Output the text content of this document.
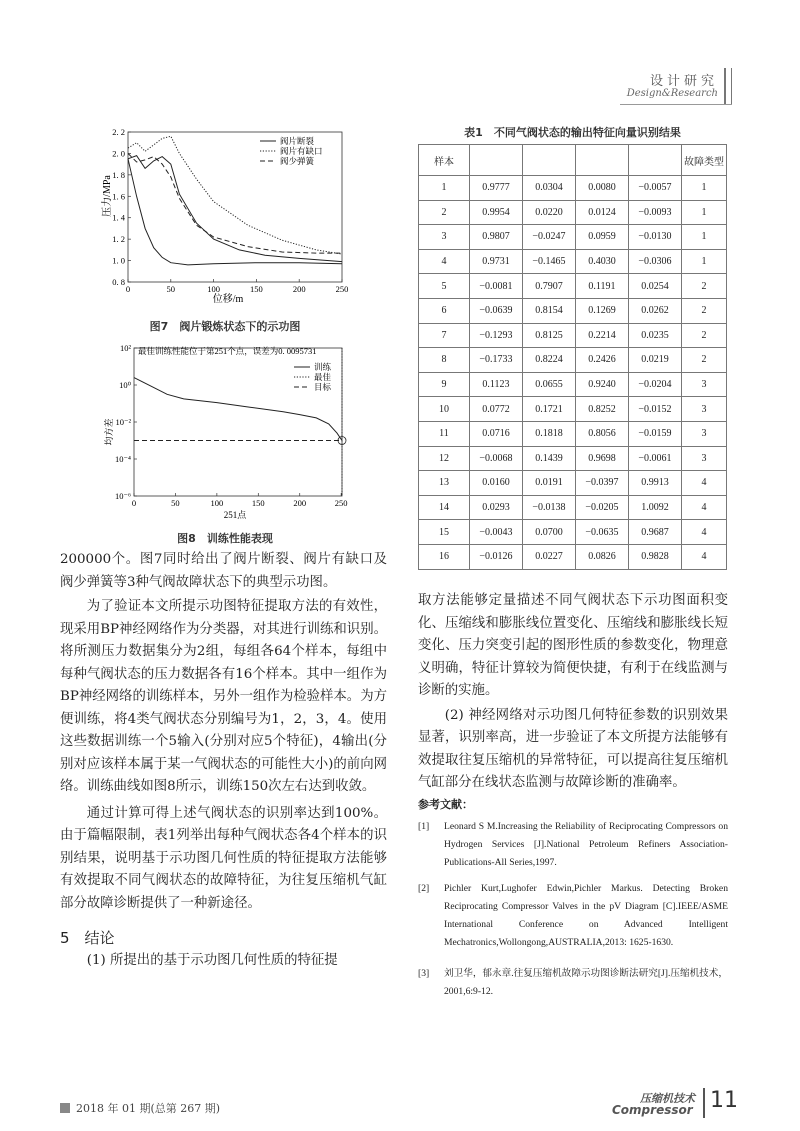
设计研究
Design&Research
2. 2
2. 0
1. 8
1. 6
1. 4
1. 2
1. 0
0. 8
0	50	100	150	200	250
阀片断裂
阀片有缺口
阀少弹簧
压力/MPa
位移/m
图7　阀片锻炼状态下的示功图
10²
10⁰
10⁻²
10⁻⁴
10⁻⁶
0	50	100	150	200	250
训练
最佳
目标
最佳训练性能位于第251个点，误差为0. 0095731
均方差
251点
图8　训练性能表现
200000个。图7同时给出了阀片断裂、阀片有缺口及阀少弹簧等3种气阀故障状态下的典型示功图。
为了验证本文所提示功图特征提取方法的有效性，现采用BP神经网络作为分类器，对其进行训练和识别。将所测压力数据集分为2组，每组各64个样本，每组中每种气阀状态的压力数据各有16个样本。其中一组作为BP神经网络的训练样本，另外一组作为检验样本。为方便训练，将4类气阀状态分别编号为1，2，3，4。使用这些数据训练一个5输入(分别对应5个特征)，4输出(分别对应该样本属于某一气阀状态的可能性大小)的前向网络。训练曲线如图8所示，训练150次左右达到收敛。
通过计算可得上述气阀状态的识别率达到100%。由于篇幅限制，表1列举出每种气阀状态各4个样本的识别结果，说明基于示功图几何性质的特征提取方法能够有效提取不同气阀状态的故障特征，为往复压缩机气缸部分故障诊断提供了一种新途径。
5　结论
(1) 所提出的基于示功图几何性质的特征提
表1　不同气阀状态的输出特征向量识别结果
样本					故障类型
1	0.9777	0.0304	0.0080	−0.0057	1
2	0.9954	0.0220	0.0124	−0.0093	1
3	0.9807	−0.0247	0.0959	−0.0130	1
4	0.9731	−0.1465	0.4030	−0.0306	1
5	−0.0081	0.7907	0.1191	0.0254	2
6	−0.0639	0.8154	0.1269	0.0262	2
7	−0.1293	0.8125	0.2214	0.0235	2
8	−0.1733	0.8224	0.2426	0.0219	2
9	0.1123	0.0655	0.9240	−0.0204	3
10	0.0772	0.1721	0.8252	−0.0152	3
11	0.0716	0.1818	0.8056	−0.0159	3
12	−0.0068	0.1439	0.9698	−0.0061	3
13	0.0160	0.0191	−0.0397	0.9913	4
14	0.0293	−0.0138	−0.0205	1.0092	4
15	−0.0043	0.0700	−0.0635	0.9687	4
16	−0.0126	0.0227	0.0826	0.9828	4
取方法能够定量描述不同气阀状态下示功图面积变化、压缩线和膨胀线位置变化、压缩线和膨胀线长短变化、压力突变引起的图形性质的参数变化，物理意义明确，特征计算较为简便快捷，有利于在线监测与诊断的实施。
(2) 神经网络对示功图几何特征参数的识别效果显著，识别率高，进一步验证了本文所提方法能够有效提取往复压缩机的异常特征，可以提高往复压缩机气缸部分在线状态监测与故障诊断的准确率。
参考文献：
[1] Leonard S M.Increasing the Reliability of Reciprocating Compressors on Hydrogen Services [J].National Petroleum Refiners Association-Publications-All Series,1997.
[2] Pichler Kurt,Lughofer Edwin,Pichler Markus. Detecting Broken Reciprocating Compressor Valves in the pV Diagram [C].IEEE/ASME International Conference on Advanced Intelligent Mechatronics,Wollongong,AUSTRALIA,2013: 1625-1630.
[3] 刘卫华，郁永章.往复压缩机故障示功图诊断法研究[J].压缩机技术，2001,6:9-12.
2018 年 01 期(总第 267 期)
压缩机技术
Compressor 11
